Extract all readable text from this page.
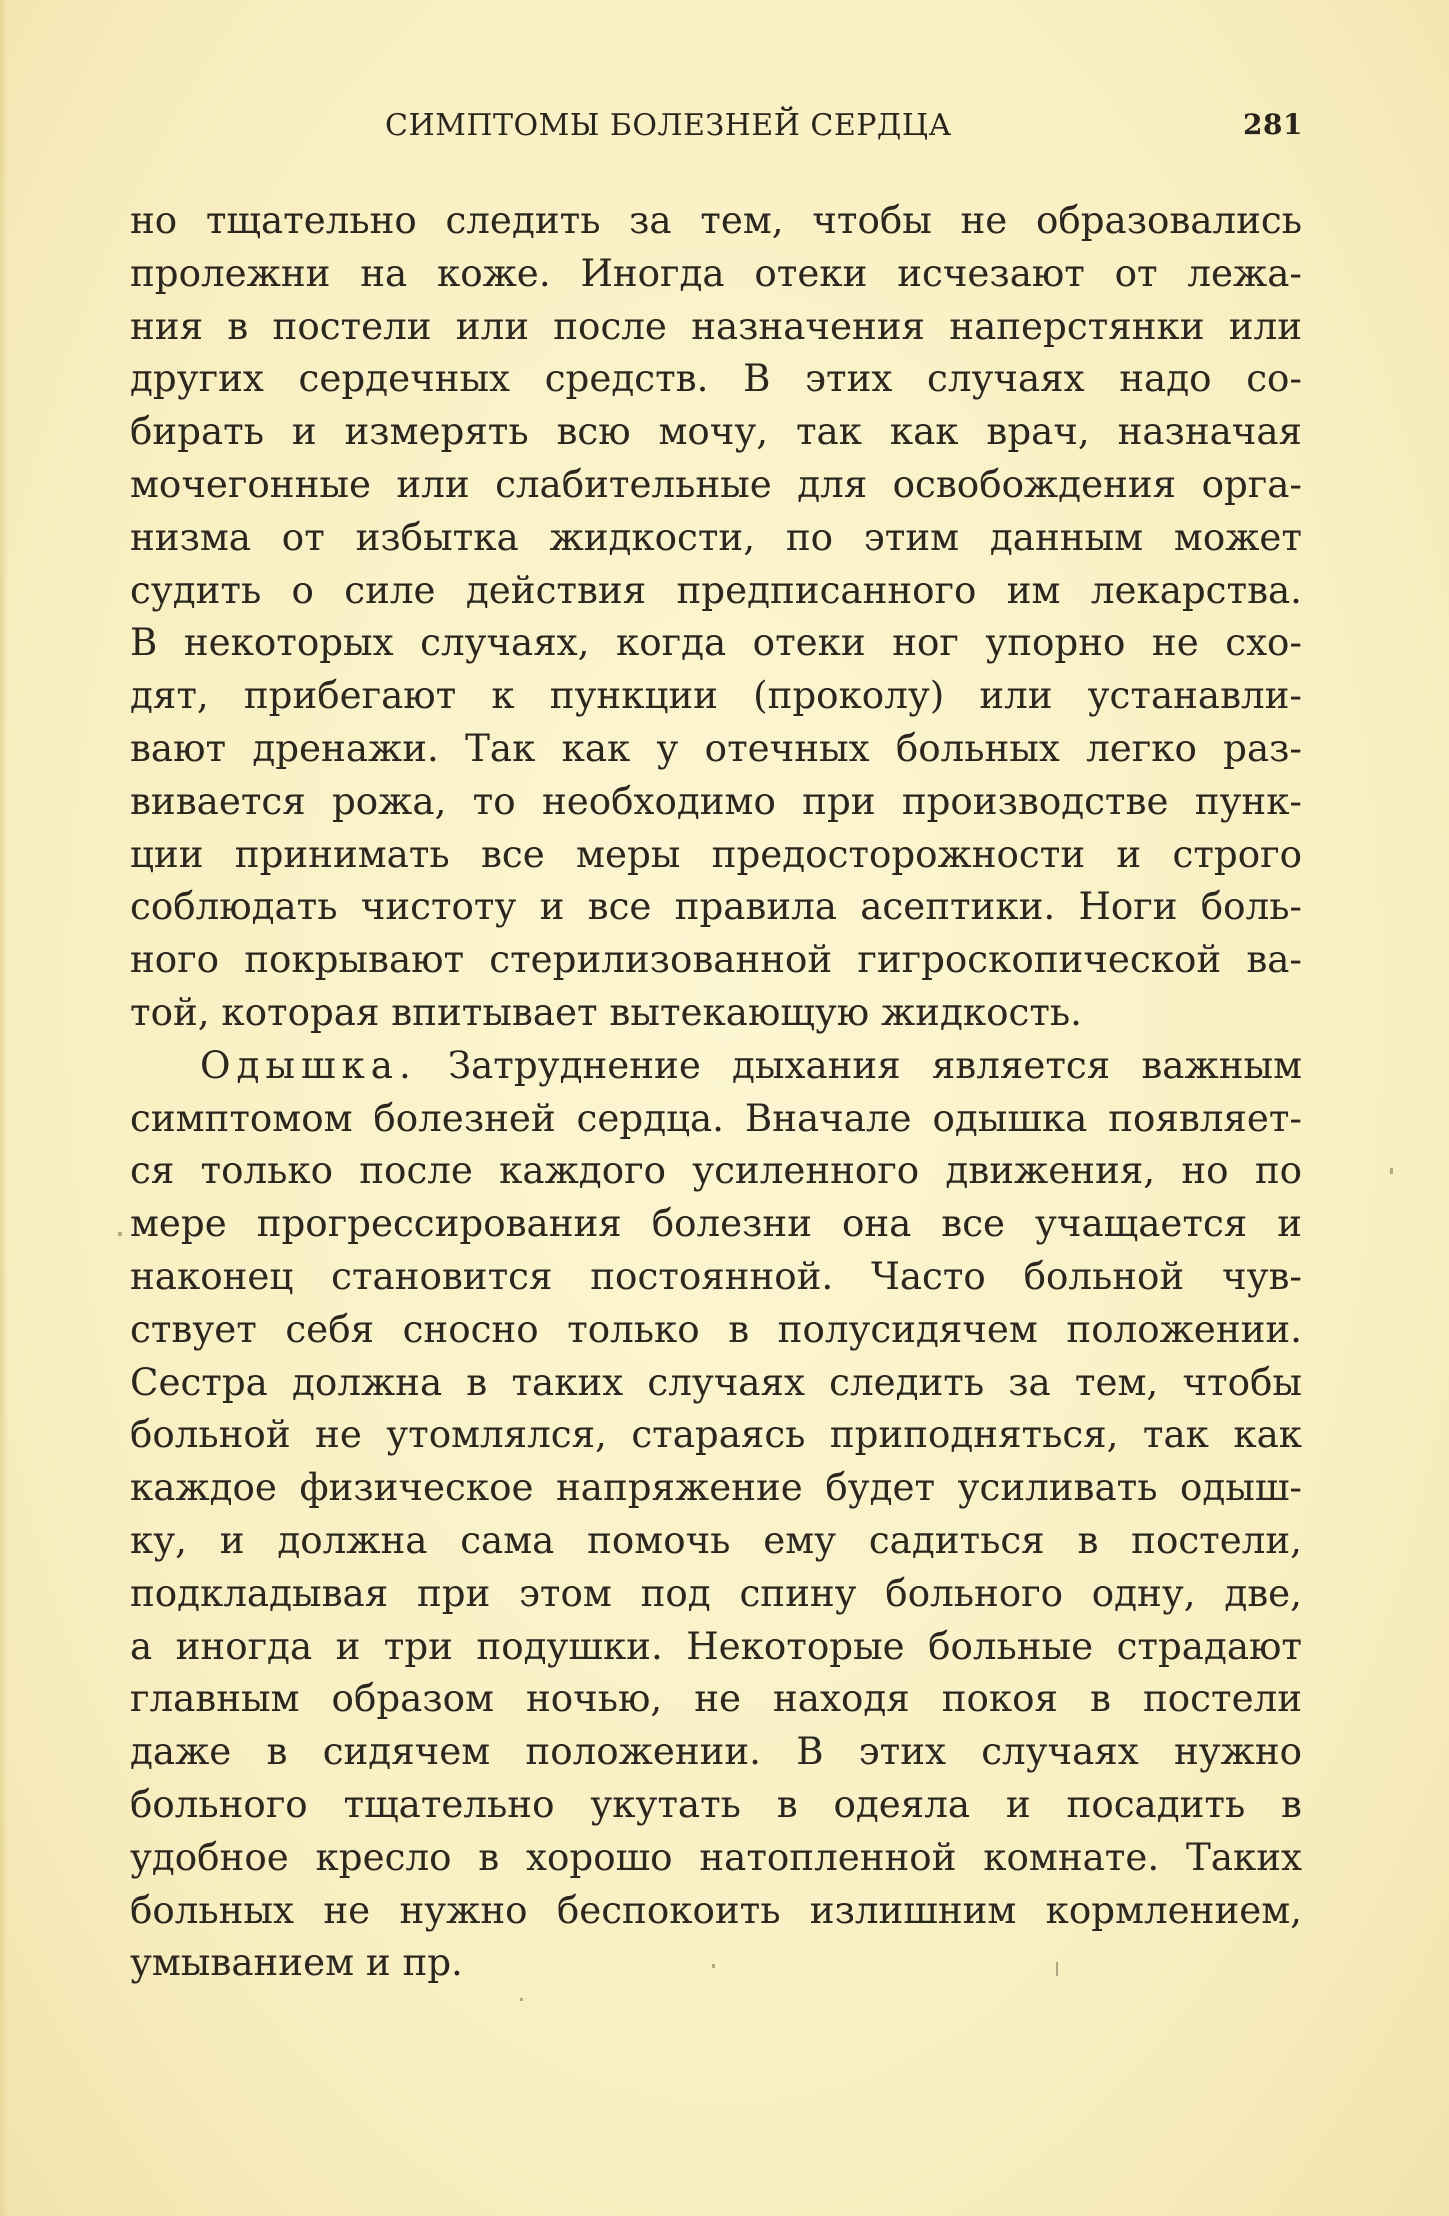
СИМПТОМЫ БОЛЕЗНЕЙ СЕРДЦА	281
но тщательно следить за тем, чтобы не образовались
пролежни на коже. Иногда отеки исчезают от лежа-
ния в постели или после назначения наперстянки или
других сердечных средств. В этих случаях надо со-
бирать и измерять всю мочу, так как врач, назначая
мочегонные или слабительные для освобождения орга-
низма от избытка жидкости, по этим данным может
судить о силе действия предписанного им лекарства.
В некоторых случаях, когда отеки ног упорно не схо-
дят, прибегают к пункции (проколу) или устанавли-
вают дренажи. Так как у отечных больных легко раз-
вивается рожа, то необходимо при производстве пунк-
ции принимать все меры предосторожности и строго
соблюдать чистоту и все правила асептики. Ноги боль-
ного покрывают стерилизованной гигроскопической ва-
той, которая впитывает вытекающую жидкость.
Одышка. Затруднение дыхания является важным
симптомом болезней сердца. Вначале одышка появляет-
ся только после каждого усиленного движения, но по
мере прогрессирования болезни она все учащается и
наконец становится постоянной. Часто больной чув-
ствует себя сносно только в полусидячем положении.
Сестра должна в таких случаях следить за тем, чтобы
больной не утомлялся, стараясь приподняться, так как
каждое физическое напряжение будет усиливать одыш-
ку, и должна сама помочь ему садиться в постели,
подкладывая при этом под спину больного одну, две,
а иногда и три подушки. Некоторые больные страдают
главным образом ночью, не находя покоя в постели
даже в сидячем положении. В этих случаях нужно
больного тщательно укутать в одеяла и посадить в
удобное кресло в хорошо натопленной комнате. Таких
больных не нужно беспокоить излишним кормлением,
умыванием и пр.
